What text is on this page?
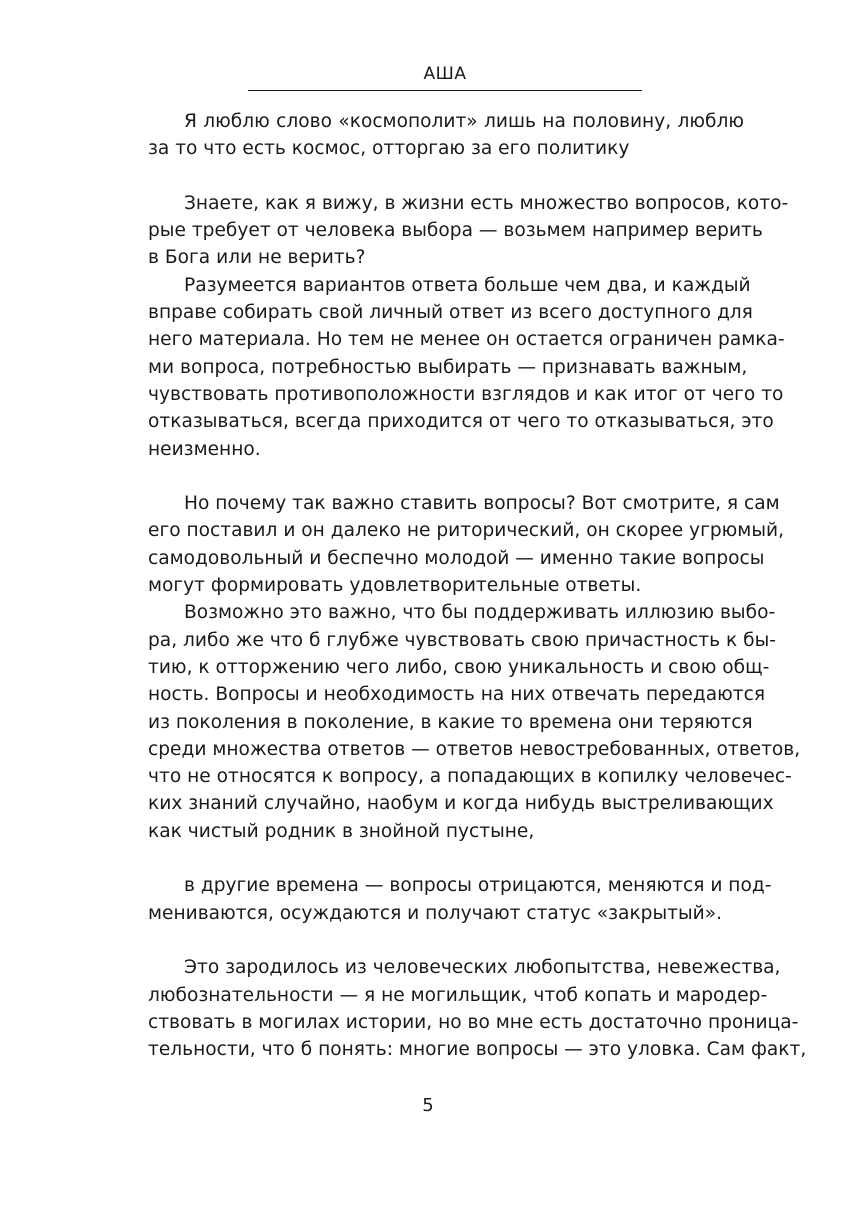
АША
Я люблю слово «космополит» лишь на половину, люблю
за то что есть космос, отторгаю за его политику
Знаете, как я вижу, в жизни есть множество вопросов, кото-
рые требует от человека выбора — возьмем например верить
в Бога или не верить?
Разумеется вариантов ответа больше чем два, и каждый
вправе собирать свой личный ответ из всего доступного для
него материала. Но тем не менее он остается ограничен рамка-
ми вопроса, потребностью выбирать — признавать важным,
чувствовать противоположности взглядов и как итог от чего то
отказываться, всегда приходится от чего то отказываться, это
неизменно.
Но почему так важно ставить вопросы? Вот смотрите, я сам
его поставил и он далеко не риторический, он скорее угрюмый,
самодовольный и беспечно молодой — именно такие вопросы
могут формировать удовлетворительные ответы.
Возможно это важно, что бы поддерживать иллюзию выбо-
ра, либо же что б глубже чувствовать свою причастность к бы-
тию, к отторжению чего либо, свою уникальность и свою общ-
ность. Вопросы и необходимость на них отвечать передаются
из поколения в поколение, в какие то времена они теряются
среди множества ответов — ответов невостребованных, ответов,
что не относятся к вопросу, а попадающих в копилку человечес-
ких знаний случайно, наобум и когда нибудь выстреливающих
как чистый родник в знойной пустыне,
в другие времена — вопросы отрицаются, меняются и под-
мениваются, осуждаются и получают статус «закрытый».
Это зародилось из человеческих любопытства, невежества,
любознательности — я не могильщик, чтоб копать и мародер-
ствовать в могилах истории, но во мне есть достаточно проница-
тельности, что б понять: многие вопросы — это уловка. Сам факт,
5
